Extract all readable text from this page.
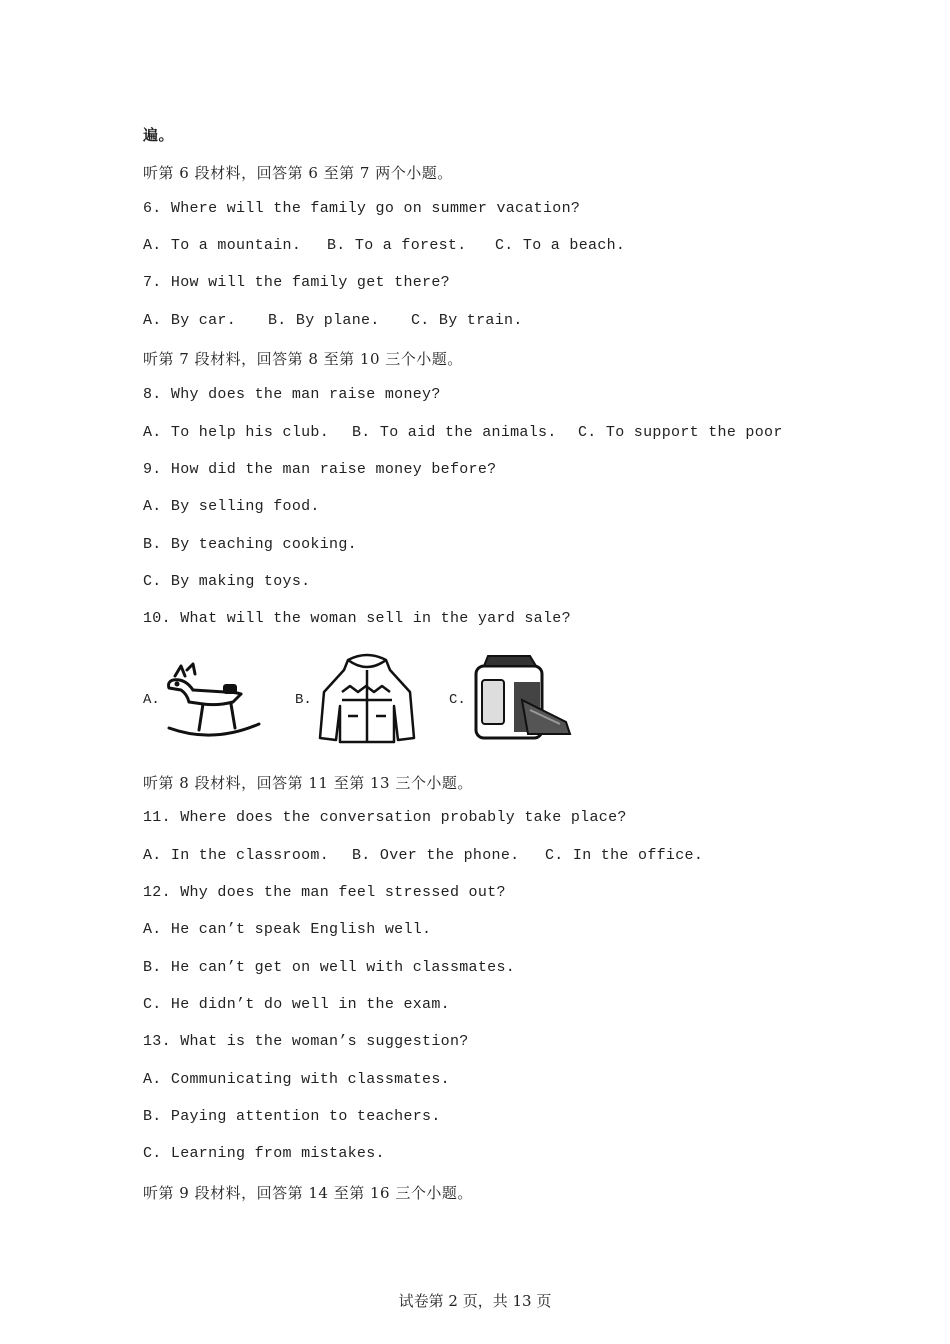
遍。
听第 6 段材料，回答第 6 至第 7 两个小题。
6. Where will the family go on summer vacation?
A. To a mountain. B. To a forest. C. To a beach.
7. How will the family get there?
A. By car. B. By plane. C. By train.
听第 7 段材料，回答第 8 至第 10 三个小题。
8. Why does the man raise money?
A. To help his club. B. To aid the animals. C. To support the poor
9. How did the man raise money before?
A. By selling food.
B. By teaching cooking.
C. By making toys.
10. What will the woman sell in the yard sale?
A.	B.	C.
听第 8 段材料，回答第 11 至第 13 三个小题。
11. Where does the conversation probably take place?
A. In the classroom. B. Over the phone. C. In the office.
12. Why does the man feel stressed out?
A. He can’t speak English well.
B. He can’t get on well with classmates.
C. He didn’t do well in the exam.
13. What is the woman’s suggestion?
A. Communicating with classmates.
B. Paying attention to teachers.
C. Learning from mistakes.
听第 9 段材料，回答第 14 至第 16 三个小题。
试卷第 2 页，共 13 页
